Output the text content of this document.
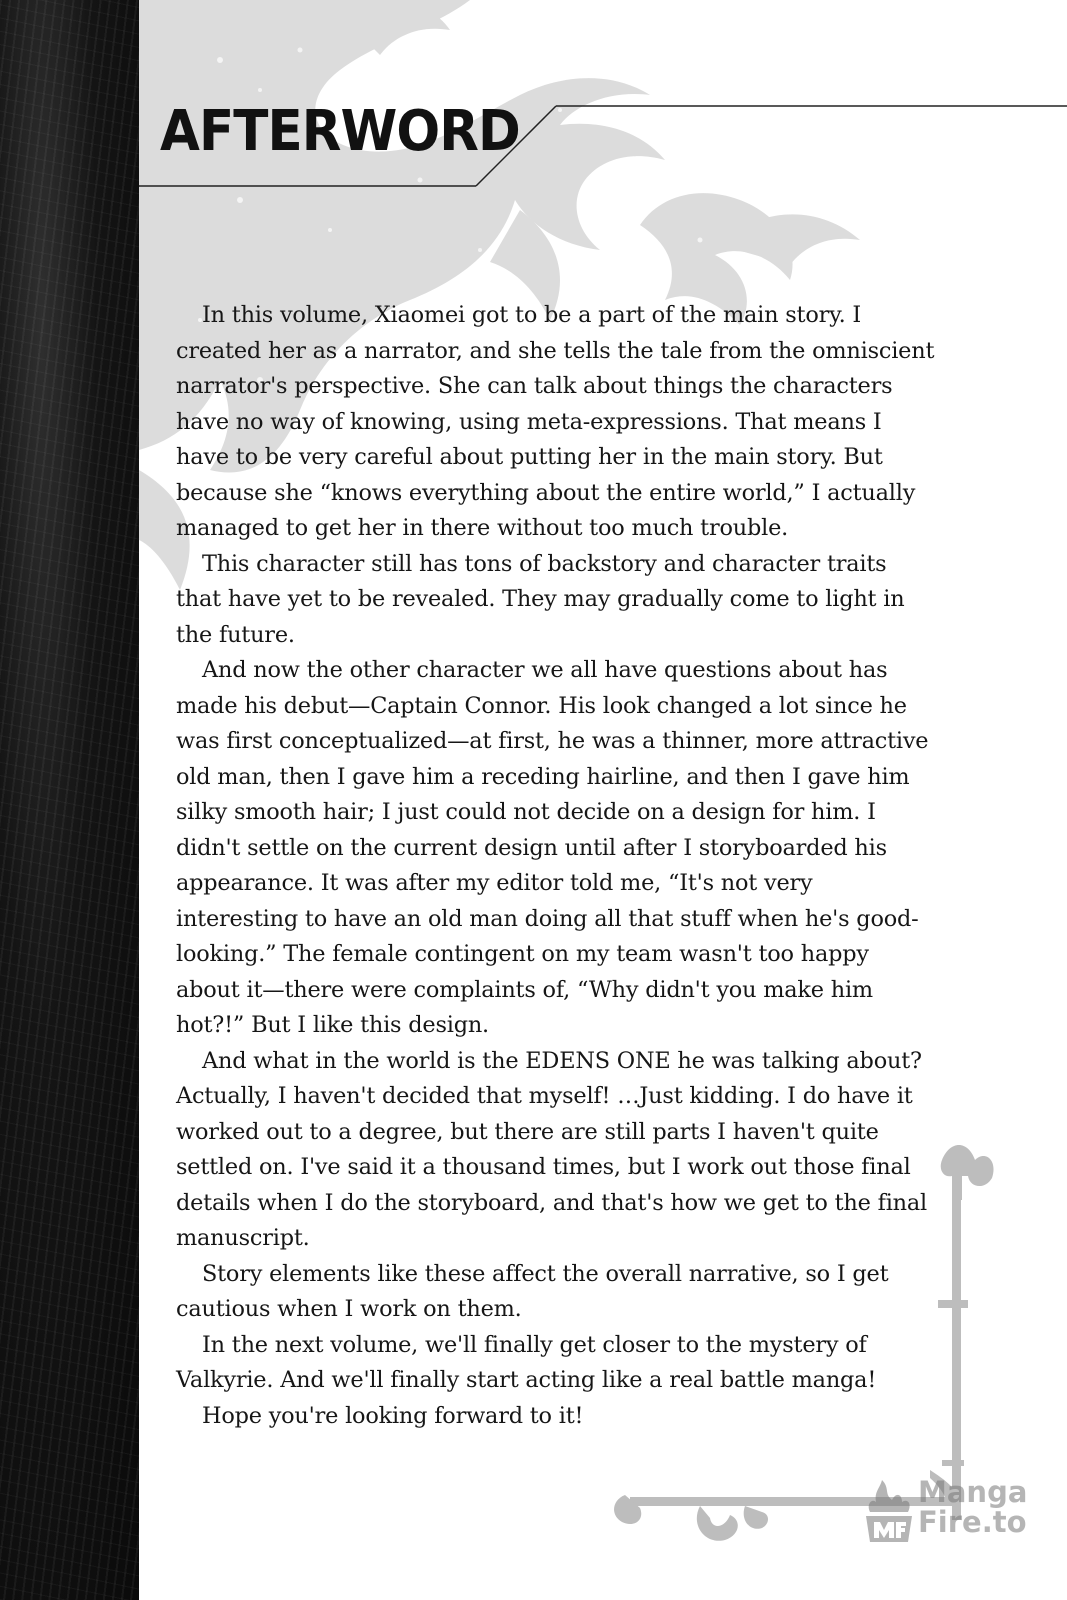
AFTERWORD

In this volume, Xiaomei got to be a part of the main story. I created her as a narrator, and she tells the tale from the omniscient narrator's perspective. She can talk about things the characters have no way of knowing, using meta-expressions. That means I have to be very careful about putting her in the main story. But because she “knows everything about the entire world,” I actually managed to get her in there without too much trouble.

This character still has tons of backstory and character traits that have yet to be revealed. They may gradually come to light in the future.

And now the other character we all have questions about has made his debut—Captain Connor. His look changed a lot since he was first conceptualized—at first, he was a thinner, more attractive old man, then I gave him a receding hairline, and then I gave him silky smooth hair; I just could not decide on a design for him. I didn't settle on the current design until after I storyboarded his appearance. It was after my editor told me, “It's not very interesting to have an old man doing all that stuff when he's good-looking.” The female contingent on my team wasn't too happy about it—there were complaints of, “Why didn't you make him hot?!” But I like this design.

And what in the world is the EDENS ONE he was talking about? Actually, I haven't decided that myself! …Just kidding. I do have it worked out to a degree, but there are still parts I haven't quite settled on. I've said it a thousand times, but I work out those final details when I do the storyboard, and that's how we get to the final manuscript.

Story elements like these affect the overall narrative, so I get cautious when I work on them.

In the next volume, we'll finally get closer to the mystery of Valkyrie. And we'll finally start acting like a real battle manga!

Hope you're looking forward to it!

Manga
Fire.to
